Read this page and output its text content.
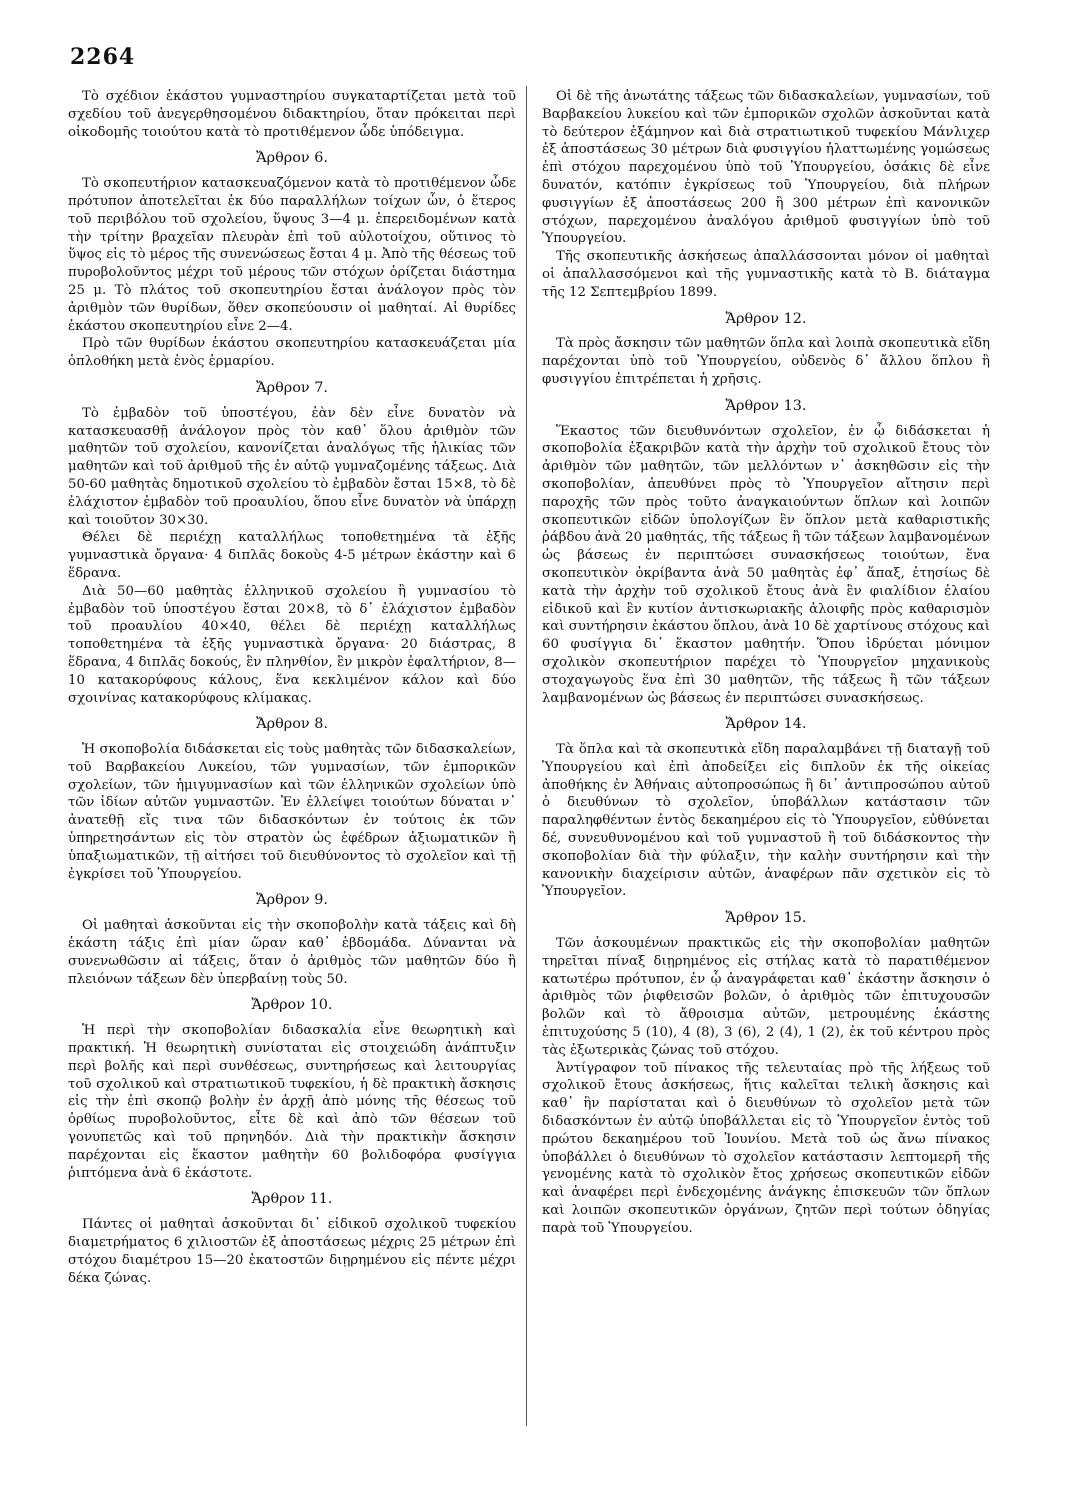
2264

Τὸ σχέδιον ἑκάστου γυμναστηρίου συγκαταρτίζεται μετὰ τοῦ σχεδίου τοῦ ἀνεγερθησομένου διδακτηρίου, ὅταν πρόκειται περὶ οἰκοδομῆς τοιούτου κατὰ τὸ προτιθέμενον ὧδε ὑπόδειγμα.

Ἄρθρον 6.

Τὸ σκοπευτήριον κατασκευαζόμενον κατὰ τὸ προτιθέμενον ὧδε πρότυπον ἀποτελεῖται ἐκ δύο παραλλήλων τοίχων ὧν, ὁ ἕτερος τοῦ περιβόλου τοῦ σχολείου, ὕψους 3—4 μ. ἐπερειδομένων κατὰ τὴν τρίτην βραχεῖαν πλευρὰν ἐπὶ τοῦ αὐλοτοίχου, οὕτινος τὸ ὕψος εἰς τὸ μέρος τῆς συνενώσεως ἔσται 4 μ. Ἀπὸ τῆς θέσεως τοῦ πυροβολοῦντος μέχρι τοῦ μέρους τῶν στόχων ὁρίζεται διάστημα 25 μ. Τὸ πλάτος τοῦ σκοπευτηρίου ἔσται ἀνάλογον πρὸς τὸν ἀριθμὸν τῶν θυρίδων, ὅθεν σκοπεύουσιν οἱ μαθηταί. Αἱ θυρίδες ἑκάστου σκοπευτηρίου εἶνε 2—4.

Πρὸ τῶν θυρίδων ἑκάστου σκοπευτηρίου κατασκευάζεται μία ὁπλοθήκη μετὰ ἑνὸς ἑρμαρίου.

Ἄρθρον 7.

Τὸ ἐμβαδὸν τοῦ ὑποστέγου, ἐὰν δὲν εἶνε δυνατὸν νὰ κατασκευασθῇ ἀνάλογον πρὸς τὸν καθ᾽ ὅλου ἀριθμὸν τῶν μαθητῶν τοῦ σχολείου, κανονίζεται ἀναλόγως τῆς ἡλικίας τῶν μαθητῶν καὶ τοῦ ἀριθμοῦ τῆς ἐν αὐτῷ γυμναζομένης τάξεως. Διὰ 50-60 μαθητὰς δημοτικοῦ σχολείου τὸ ἐμβαδὸν ἔσται 15×8, τὸ δὲ ἐλάχιστον ἐμβαδὸν τοῦ προαυλίου, ὅπου εἶνε δυνατὸν νὰ ὑπάρχῃ καὶ τοιοῦτον 30×30.

Θέλει δὲ περιέχῃ καταλλήλως τοποθετημένα τὰ ἑξῆς γυμναστικὰ ὄργανα· 4 διπλᾶς δοκοὺς 4-5 μέτρων ἑκάστην καὶ 6 ἕδρανα.

Διὰ 50—60 μαθητὰς ἑλληνικοῦ σχολείου ἢ γυμνασίου τὸ ἐμβαδὸν τοῦ ὑποστέγου ἔσται 20×8, τὸ δ᾽ ἐλάχιστον ἐμβαδὸν τοῦ προαυλίου 40×40, θέλει δὲ περιέχῃ καταλλήλως τοποθετημένα τὰ ἑξῆς γυμναστικὰ ὄργανα· 20 διάστρας, 8 ἕδρανα, 4 διπλᾶς δοκούς, ἓν πληνθίον, ἓν μικρὸν ἐφαλτήριον, 8—10 κατακορύφους κάλους, ἕνα κεκλιμένον κάλον καὶ δύο σχοινίνας κατακορύφους κλίμακας.

Ἄρθρον 8.

Ἡ σκοποβολία διδάσκεται εἰς τοὺς μαθητὰς τῶν διδασκαλείων, τοῦ Βαρβακείου Λυκείου, τῶν γυμνασίων, τῶν ἐμπορικῶν σχολείων, τῶν ἡμιγυμνασίων καὶ τῶν ἑλληνικῶν σχολείων ὑπὸ τῶν ἰδίων αὐτῶν γυμναστῶν. Ἐν ἐλλείψει τοιούτων δύναται ν᾽ ἀνατεθῇ εἴς τινα τῶν διδασκόντων ἐν τούτοις ἐκ τῶν ὑπηρετησάντων εἰς τὸν στρατὸν ὡς ἐφέδρων ἀξιωματικῶν ἢ ὑπαξιωματικῶν, τῇ αἰτήσει τοῦ διευθύνοντος τὸ σχολεῖον καὶ τῇ ἐγκρίσει τοῦ Ὑπουργείου.

Ἄρθρον 9.

Οἱ μαθηταὶ ἀσκοῦνται εἰς τὴν σκοποβολὴν κατὰ τάξεις καὶ δὴ ἑκάστη τάξις ἐπὶ μίαν ὥραν καθ᾽ ἑβδομάδα. Δύνανται νὰ συνενωθῶσιν αἱ τάξεις, ὅταν ὁ ἀριθμὸς τῶν μαθητῶν δύο ἢ πλειόνων τάξεων δὲν ὑπερβαίνῃ τοὺς 50.

Ἄρθρον 10.

Ἡ περὶ τὴν σκοποβολίαν διδασκαλία εἶνε θεωρητικὴ καὶ πρακτική. Ἡ θεωρητικὴ συνίσταται εἰς στοιχειώδη ἀνάπτυξιν περὶ βολῆς καὶ περὶ συνθέσεως, συντηρήσεως καὶ λειτουργίας τοῦ σχολικοῦ καὶ στρατιωτικοῦ τυφεκίου, ἡ δὲ πρακτικὴ ἄσκησις εἰς τὴν ἐπὶ σκοπῷ βολὴν ἐν ἀρχῇ ἀπὸ μόνης τῆς θέσεως τοῦ ὀρθίως πυροβολοῦντος, εἶτε δὲ καὶ ἀπὸ τῶν θέσεων τοῦ γονυπετῶς καὶ τοῦ πρηνηδόν. Διὰ τὴν πρακτικὴν ἄσκησιν παρέχονται εἰς ἕκαστον μαθητὴν 60 βολιδοφόρα φυσίγγια ῥιπτόμενα ἀνὰ 6 ἑκάστοτε.

Ἄρθρον 11.

Πάντες οἱ μαθηταὶ ἀσκοῦνται δι᾽ εἰδικοῦ σχολικοῦ τυφεκίου διαμετρήματος 6 χιλιοστῶν ἐξ ἀποστάσεως μέχρις 25 μέτρων ἐπὶ στόχου διαμέτρου 15—20 ἑκατοστῶν διῃρημένου εἰς πέντε μέχρι δέκα ζώνας.

Οἱ δὲ τῆς ἀνωτάτης τάξεως τῶν διδασκαλείων, γυμνασίων, τοῦ Βαρβακείου λυκείου καὶ τῶν ἐμπορικῶν σχολῶν ἀσκοῦνται κατὰ τὸ δεύτερον ἑξάμηνον καὶ διὰ στρατιωτικοῦ τυφεκίου Μάνλιχερ ἐξ ἀποστάσεως 30 μέτρων διὰ φυσιγγίου ἠλαττωμένης γομώσεως ἐπὶ στόχου παρεχομένου ὑπὸ τοῦ Ὑπουργείου, ὁσάκις δὲ εἶνε δυνατόν, κατόπιν ἐγκρίσεως τοῦ Ὑπουργείου, διὰ πλήρων φυσιγγίων ἐξ ἀποστάσεως 200 ἢ 300 μέτρων ἐπὶ κανονικῶν στόχων, παρεχομένου ἀναλόγου ἀριθμοῦ φυσιγγίων ὑπὸ τοῦ Ὑπουργείου.

Τῆς σκοπευτικῆς ἀσκήσεως ἀπαλλάσσονται μόνον οἱ μαθηταὶ οἱ ἀπαλλασσόμενοι καὶ τῆς γυμναστικῆς κατὰ τὸ Β. διάταγμα τῆς 12 Σεπτεμβρίου 1899.

Ἄρθρον 12.

Τὰ πρὸς ἄσκησιν τῶν μαθητῶν ὅπλα καὶ λοιπὰ σκοπευτικὰ εἴδη παρέχονται ὑπὸ τοῦ Ὑπουργείου, οὐδενὸς δ᾽ ἄλλου ὅπλου ἢ φυσιγγίου ἐπιτρέπεται ἡ χρῆσις.

Ἄρθρον 13.

Ἕκαστος τῶν διευθυνόντων σχολεῖον, ἐν ᾧ διδάσκεται ἡ σκοποβολία ἐξακριβῶν κατὰ τὴν ἀρχὴν τοῦ σχολικοῦ ἔτους τὸν ἀριθμὸν τῶν μαθητῶν, τῶν μελλόντων ν᾽ ἀσκηθῶσιν εἰς τὴν σκοποβολίαν, ἀπευθύνει πρὸς τὸ Ὑπουργεῖον αἴτησιν περὶ παροχῆς τῶν πρὸς τοῦτο ἀναγκαιούντων ὅπλων καὶ λοιπῶν σκοπευτικῶν εἰδῶν ὑπολογίζων ἓν ὅπλον μετὰ καθαριστικῆς ῥάβδου ἀνὰ 20 μαθητάς, τῆς τάξεως ἢ τῶν τάξεων λαμβανομένων ὡς βάσεως ἐν περιπτώσει συνασκήσεως τοιούτων, ἕνα σκοπευτικὸν ὀκρίβαντα ἀνὰ 50 μαθητὰς ἐφ᾽ ἅπαξ, ἐτησίως δὲ κατὰ τὴν ἀρχὴν τοῦ σχολικοῦ ἔτους ἀνὰ ἓν φιαλίδιον ἐλαίου εἰδικοῦ καὶ ἓν κυτίον ἀντισκωριακῆς ἀλοιφῆς πρὸς καθαρισμὸν καὶ συντήρησιν ἑκάστου ὅπλου, ἀνὰ 10 δὲ χαρτίνους στόχους καὶ 60 φυσίγγια δι᾽ ἕκαστον μαθητήν. Ὅπου ἱδρύεται μόνιμον σχολικὸν σκοπευτήριον παρέχει τὸ Ὑπουργεῖον μηχανικοὺς στοχαγωγοὺς ἕνα ἐπὶ 30 μαθητῶν, τῆς τάξεως ἢ τῶν τάξεων λαμβανομένων ὡς βάσεως ἐν περιπτώσει συνασκήσεως.

Ἄρθρον 14.

Τὰ ὅπλα καὶ τὰ σκοπευτικὰ εἴδη παραλαμβάνει τῇ διαταγῇ τοῦ Ὑπουργείου καὶ ἐπὶ ἀποδείξει εἰς διπλοῦν ἐκ τῆς οἰκείας ἀποθήκης ἐν Ἀθήναις αὐτοπροσώπως ἢ δι᾽ ἀντιπροσώπου αὐτοῦ ὁ διευθύνων τὸ σχολεῖον, ὑποβάλλων κατάστασιν τῶν παραληφθέντων ἐντὸς δεκαημέρου εἰς τὸ Ὑπουργεῖον, εὐθύνεται δέ, συνευθυνομένου καὶ τοῦ γυμναστοῦ ἢ τοῦ διδάσκοντος τὴν σκοποβολίαν διὰ τὴν φύλαξιν, τὴν καλὴν συντήρησιν καὶ τὴν κανονικὴν διαχείρισιν αὐτῶν, ἀναφέρων πᾶν σχετικὸν εἰς τὸ Ὑπουργεῖον.

Ἄρθρον 15.

Τῶν ἀσκουμένων πρακτικῶς εἰς τὴν σκοποβολίαν μαθητῶν τηρεῖται πίναξ διῃρημένος εἰς στήλας κατὰ τὸ παρατιθέμενον κατωτέρω πρότυπον, ἐν ᾧ ἀναγράφεται καθ᾽ ἑκάστην ἄσκησιν ὁ ἀριθμὸς τῶν ῥιφθεισῶν βολῶν, ὁ ἀριθμὸς τῶν ἐπιτυχουσῶν βολῶν καὶ τὸ ἄθροισμα αὐτῶν, μετρουμένης ἑκάστης ἐπιτυχούσης 5 (10), 4 (8), 3 (6), 2 (4), 1 (2), ἐκ τοῦ κέντρου πρὸς τὰς ἐξωτερικὰς ζώνας τοῦ στόχου.

Ἀντίγραφον τοῦ πίνακος τῆς τελευταίας πρὸ τῆς λήξεως τοῦ σχολικοῦ ἔτους ἀσκήσεως, ἥτις καλεῖται τελικὴ ἄσκησις καὶ καθ᾽ ἣν παρίσταται καὶ ὁ διευθύνων τὸ σχολεῖον μετὰ τῶν διδασκόντων ἐν αὐτῷ ὑποβάλλεται εἰς τὸ Ὑπουργεῖον ἐντὸς τοῦ πρώτου δεκαημέρου τοῦ Ἰουνίου. Μετὰ τοῦ ὡς ἄνω πίνακος ὑποβάλλει ὁ διευθύνων τὸ σχολεῖον κατάστασιν λεπτομερῆ τῆς γενομένης κατὰ τὸ σχολικὸν ἔτος χρήσεως σκοπευτικῶν εἰδῶν καὶ ἀναφέρει περὶ ἐνδεχομένης ἀνάγκης ἐπισκευῶν τῶν ὅπλων καὶ λοιπῶν σκοπευτικῶν ὀργάνων, ζητῶν περὶ τούτων ὁδηγίας παρὰ τοῦ Ὑπουργείου.
